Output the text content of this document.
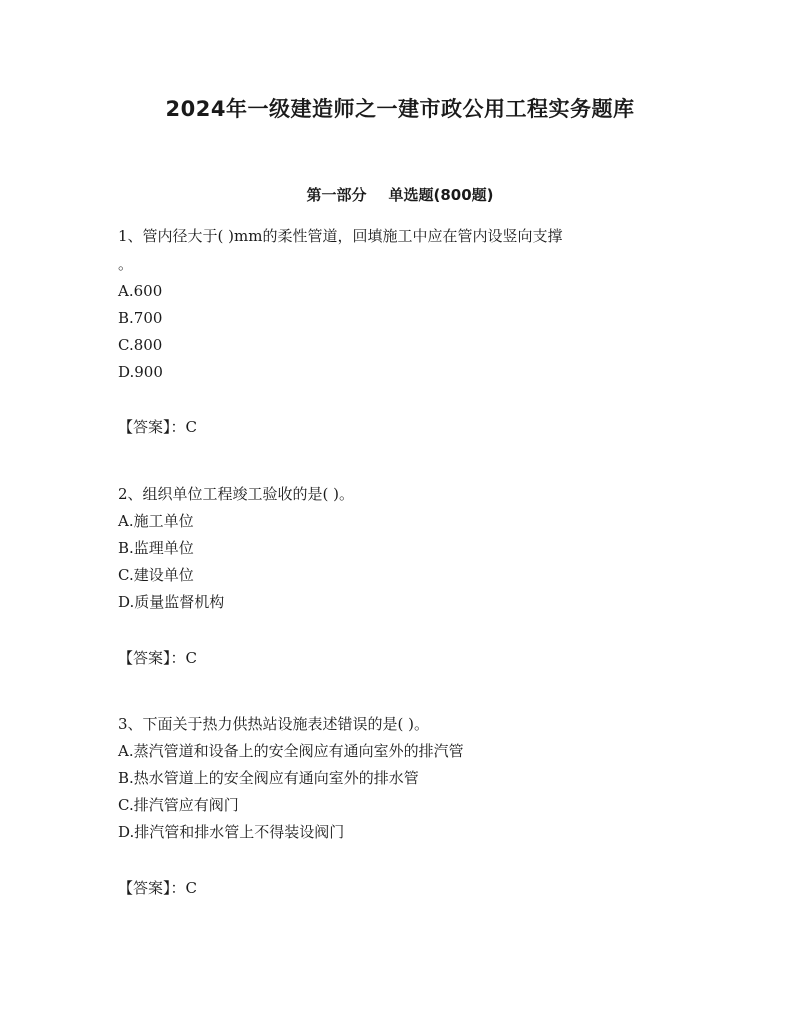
2024年一级建造师之一建市政公用工程实务题库
第一部分 单选题(800题)
1、管内径大于( )mm的柔性管道，回填施工中应在管内设竖向支撑
。
A.600
B.700
C.800
D.900
【答案】：C
2、组织单位工程竣工验收的是( )。
A.施工单位
B.监理单位
C.建设单位
D.质量监督机构
【答案】：C
3、下面关于热力供热站设施表述错误的是( )。
A.蒸汽管道和设备上的安全阀应有通向室外的排汽管
B.热水管道上的安全阀应有通向室外的排水管
C.排汽管应有阀门
D.排汽管和排水管上不得装设阀门
【答案】：C
